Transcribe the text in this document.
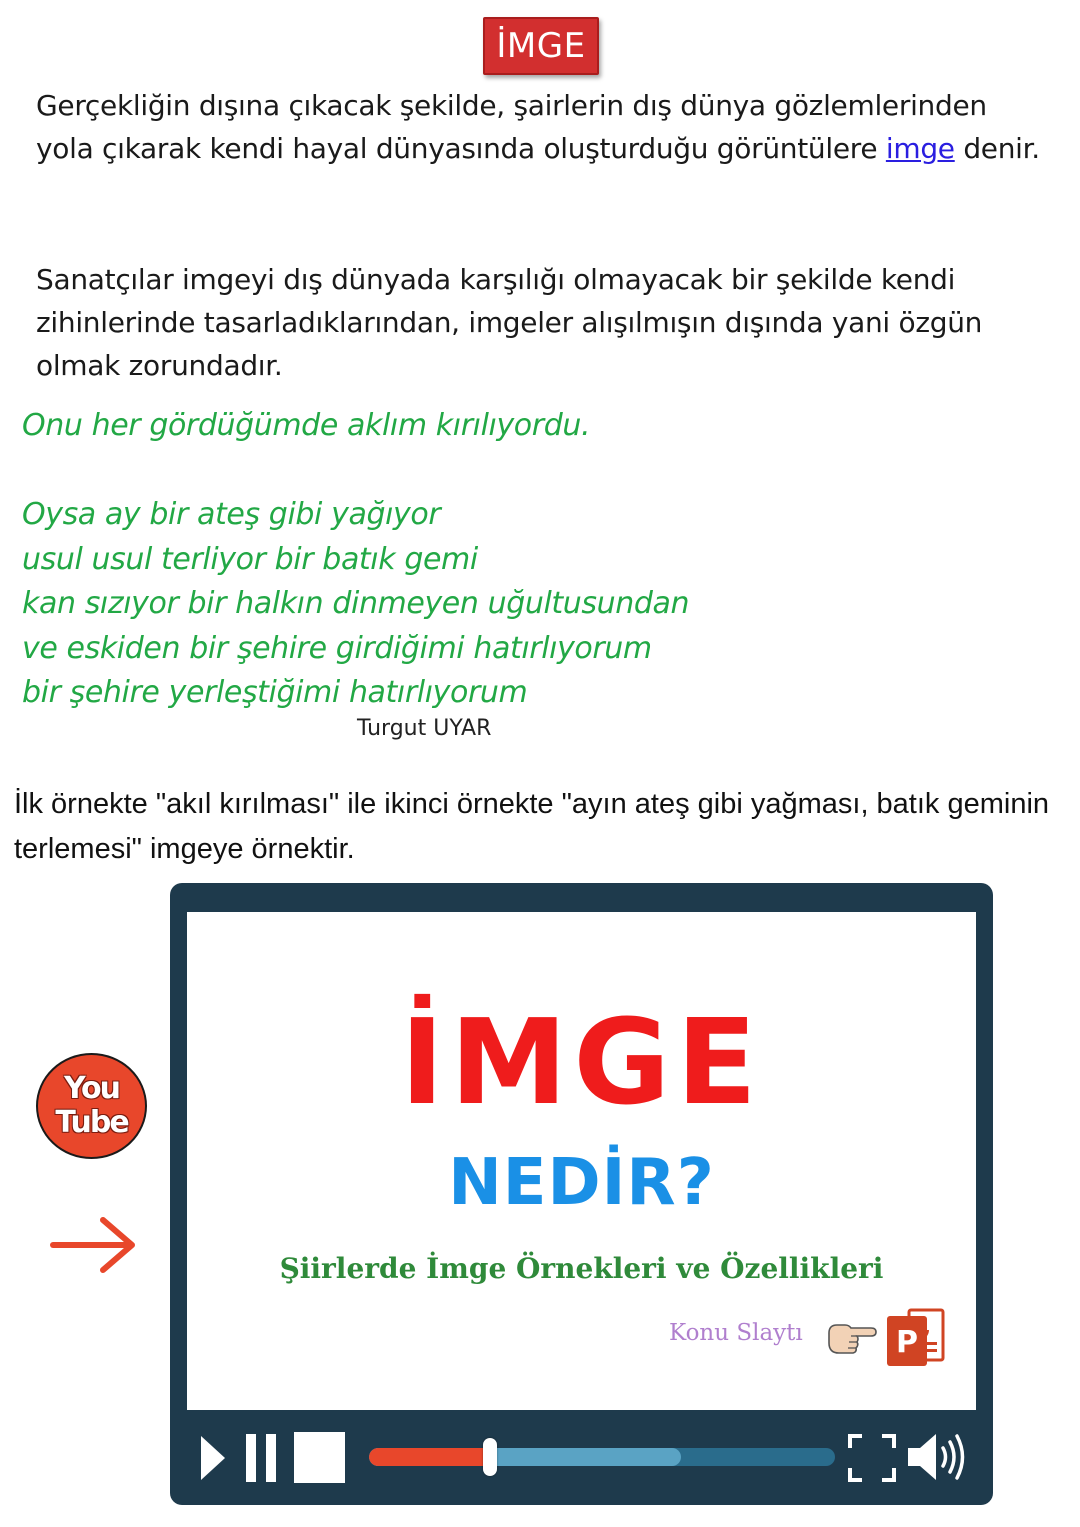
İMGE
Gerçekliğin dışına çıkacak şekilde, şairlerin dış dünya gözlemlerinden yola çıkarak kendi hayal dünyasında oluşturduğu görüntülere imge denir.
Sanatçılar imgeyi dış dünyada karşılığı olmayacak bir şekilde kendi zihinlerinde tasarladıklarından, imgeler alışılmışın dışında yani özgün olmak zorundadır.
Onu her gördüğümde aklım kırılıyordu.
Oysa ay bir ateş gibi yağıyor
usul usul terliyor bir batık gemi
kan sızıyor bir halkın dinmeyen uğultusundan
ve eskiden bir şehire girdiğimi hatırlıyorum
bir şehire yerleştiğimi hatırlıyorum
Turgut UYAR
İlk örnekte "akıl kırılması" ile ikinci örnekte "ayın ateş gibi yağması, batık geminin terlemesi" imgeye örnektir.
You
Tube	İMGE
NEDİR?
Şiirlerde İmge Örnekleri ve Özellikleri
Konu Slaytı	P
